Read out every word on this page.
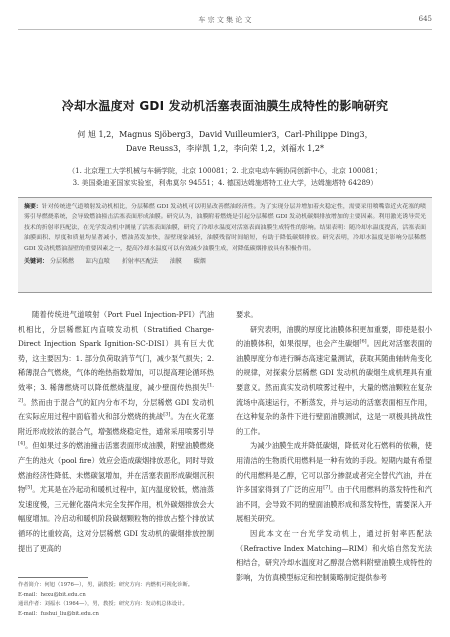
车 宗 文 集 论 文	645
冷却水温度对 GDI 发动机活塞表面油膜生成特性的影响研究
何 旭 1,2，Magnus Sjöberg3，David Vuilleumier3，Carl-Philippe Ding3，
Dave Reuss3，李岸凯 1,2，李向荣 1,2，刘福水 1,2*
（1. 北京理工大学机械与车辆学院，北京 100081；2. 北京电动车辆协同创新中心，北京 100081；
3. 美国桑迪亚国家实验室，利弗莫尔 94551；4. 德国达姆施塔特工业大学，达姆施塔特 64289）

摘要：针对传统进气道喷射发动机相比，分层稀燃 GDI 发动机可以明显改善燃油经济性。为了实现分层并增加着火稳定性，需要采用喷嘴靠近火花塞的喷雾引导燃烧系统，会导致燃油撞击活塞表面形成油膜。研究认为，油膜附着燃烧是引起分层稀燃 GDI 发动机碳烟排放增加的主要因素。利用激光诱导荧光技术的折射率匹配法，在光学发动机中测量了活塞表面油膜，研究了冷却水温度对活塞表面油膜生成特性的影响。结果表明：随冷却水温度提高，活塞表面油膜面积、厚度和质量均显著减小，燃油蒸发加快，湿壁现象减轻，油膜残留时间缩短，有助于降低碳烟排放。研究表明，冷却水温度是影响分层稀燃 GDI 发动机燃油湿壁的重要因素之一，提高冷却水温度可以有效减少油膜生成，对降低碳烟排放具有积极作用。

关键词： 分层稀燃 缸内直喷 折射率匹配法 油膜 碳烟

随着传统进气道喷射（Port Fuel Injection-PFI）汽油机相比，分层稀燃缸内直喷发动机（Stratified Charge-Direct Injection Spark Ignition-SC-DISI）具有巨大优势，这主要因为：1. 部分负荷取消节气门，减少泵气损失；2. 稀薄混合气燃烧，气体的绝热指数增加，可以提高理论循环热效率；3. 稀薄燃烧可以降低燃烧温度，减少壁面传热损失[1, 2]。然而由于混合气的缸内分布不均，分层稀燃 GDI 发动机在实际应用过程中面临着火和部分燃烧的挑战[3]。为在火花塞附近形成较浓的混合气，增强燃烧稳定性，通常采用喷雾引导[4]。但如果过多的燃油撞击活塞表面形成油膜，附壁油膜燃烧产生的池火（pool fire）效应会造成碳烟排放恶化，同时导致燃油经济性降低、未燃碳氢增加，并在活塞表面形成碳烟沉积物[5]。尤其是在冷起动和暖机过程中，缸内温度较低，燃油蒸发速度慢，三元催化器尚未完全发挥作用，机外碳烟排放会大幅度增加。冷启动和暖机阶段碳烟颗粒物的排放占整个排放试循环的比重较高，这对分层稀燃 GDI 发动机的碳烟排放控制提出了更高的

要求。

研究表明，油膜的厚度比油膜体积更加重要，即使是很小的油膜体积，如果很厚，也会产生碳烟[6]。因此对活塞表面的油膜厚度分布进行瞬态高速定量测试，获取其随曲轴转角变化的规律，对探索分层稀燃 GDI 发动机的碳烟生成机理具有重要意义。然而真实发动机喷雾过程中，大量的燃油颗粒在复杂流场中高速运行，不断蒸发，并与运动的活塞表面相互作用，在这种复杂的条件下进行壁面油膜测试，这是一项极具挑战性的工作。

为减少油膜生成并降低碳烟，降低对化石燃料的依赖，使用清洁的生物质代用燃料是一种有效的手段。短期内最有希望的代用燃料是乙醇，它可以部分掺混或者完全替代汽油，并在许多国家得到了广泛的应用[7]。由于代用燃料的蒸发特性和汽油不同，会导致不同的壁面油膜形成和蒸发特性，需要深入开展相关研究。

因此本文在一台光学发动机上，通过折射率匹配法（Refractive Index Matching—RIM）和火焰自然发光法相结合，研究冷却水温度对乙醇混合燃料附壁油膜生成特性的影响，为仿真模型标定和控制策略制定提供参考

作者简介：何旭（1976—），男，副教授；研究方向：内燃机可视化诊断。
E-mail：hexu@bit.edu.cn
通讯作者：刘福水（1964—），男，教授；研究方向：发动机总体设计。
E-mail：fushui_liu@bit.edu.cn
